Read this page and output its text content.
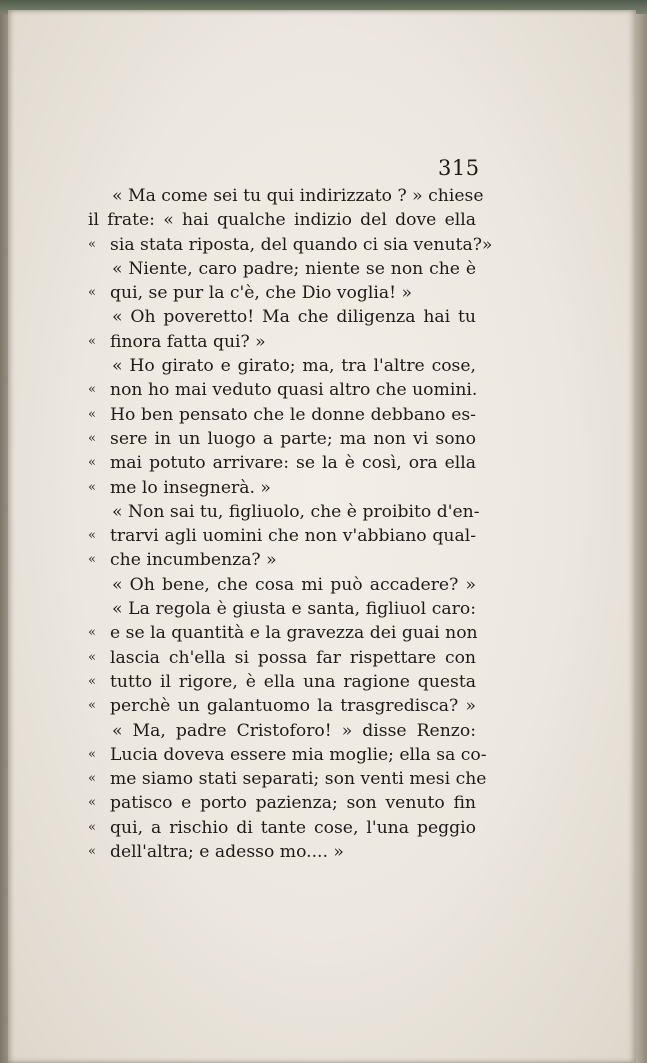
315
« Ma come sei tu qui indirizzato ? » chiese
il frate: « hai qualche indizio del dove ella
« sia stata riposta, del quando ci sia venuta?»
« Niente, caro padre; niente se non che è
« qui, se pur la c'è, che Dio voglia! »
« Oh poveretto! Ma che diligenza hai tu
« finora fatta qui? »
« Ho girato e girato; ma, tra l'altre cose,
« non ho mai veduto quasi altro che uomini.
« Ho ben pensato che le donne debbano es-
« sere in un luogo a parte; ma non vi sono
« mai potuto arrivare: se la è così, ora ella
« me lo insegnerà. »
« Non sai tu, figliuolo, che è proibito d'en-
« trarvi agli uomini che non v'abbiano qual-
« che incumbenza? »
« Oh bene, che cosa mi può accadere? »
« La regola è giusta e santa, figliuol caro:
« e se la quantità e la gravezza dei guai non
« lascia ch'ella si possa far rispettare con
« tutto il rigore, è ella una ragione questa
« perchè un galantuomo la trasgredisca? »
« Ma, padre Cristoforo! » disse Renzo:
« Lucia doveva essere mia moglie; ella sa co-
« me siamo stati separati; son venti mesi che
« patisco e porto pazienza; son venuto fin
« qui, a rischio di tante cose, l'una peggio
« dell'altra; e adesso mo.... »
